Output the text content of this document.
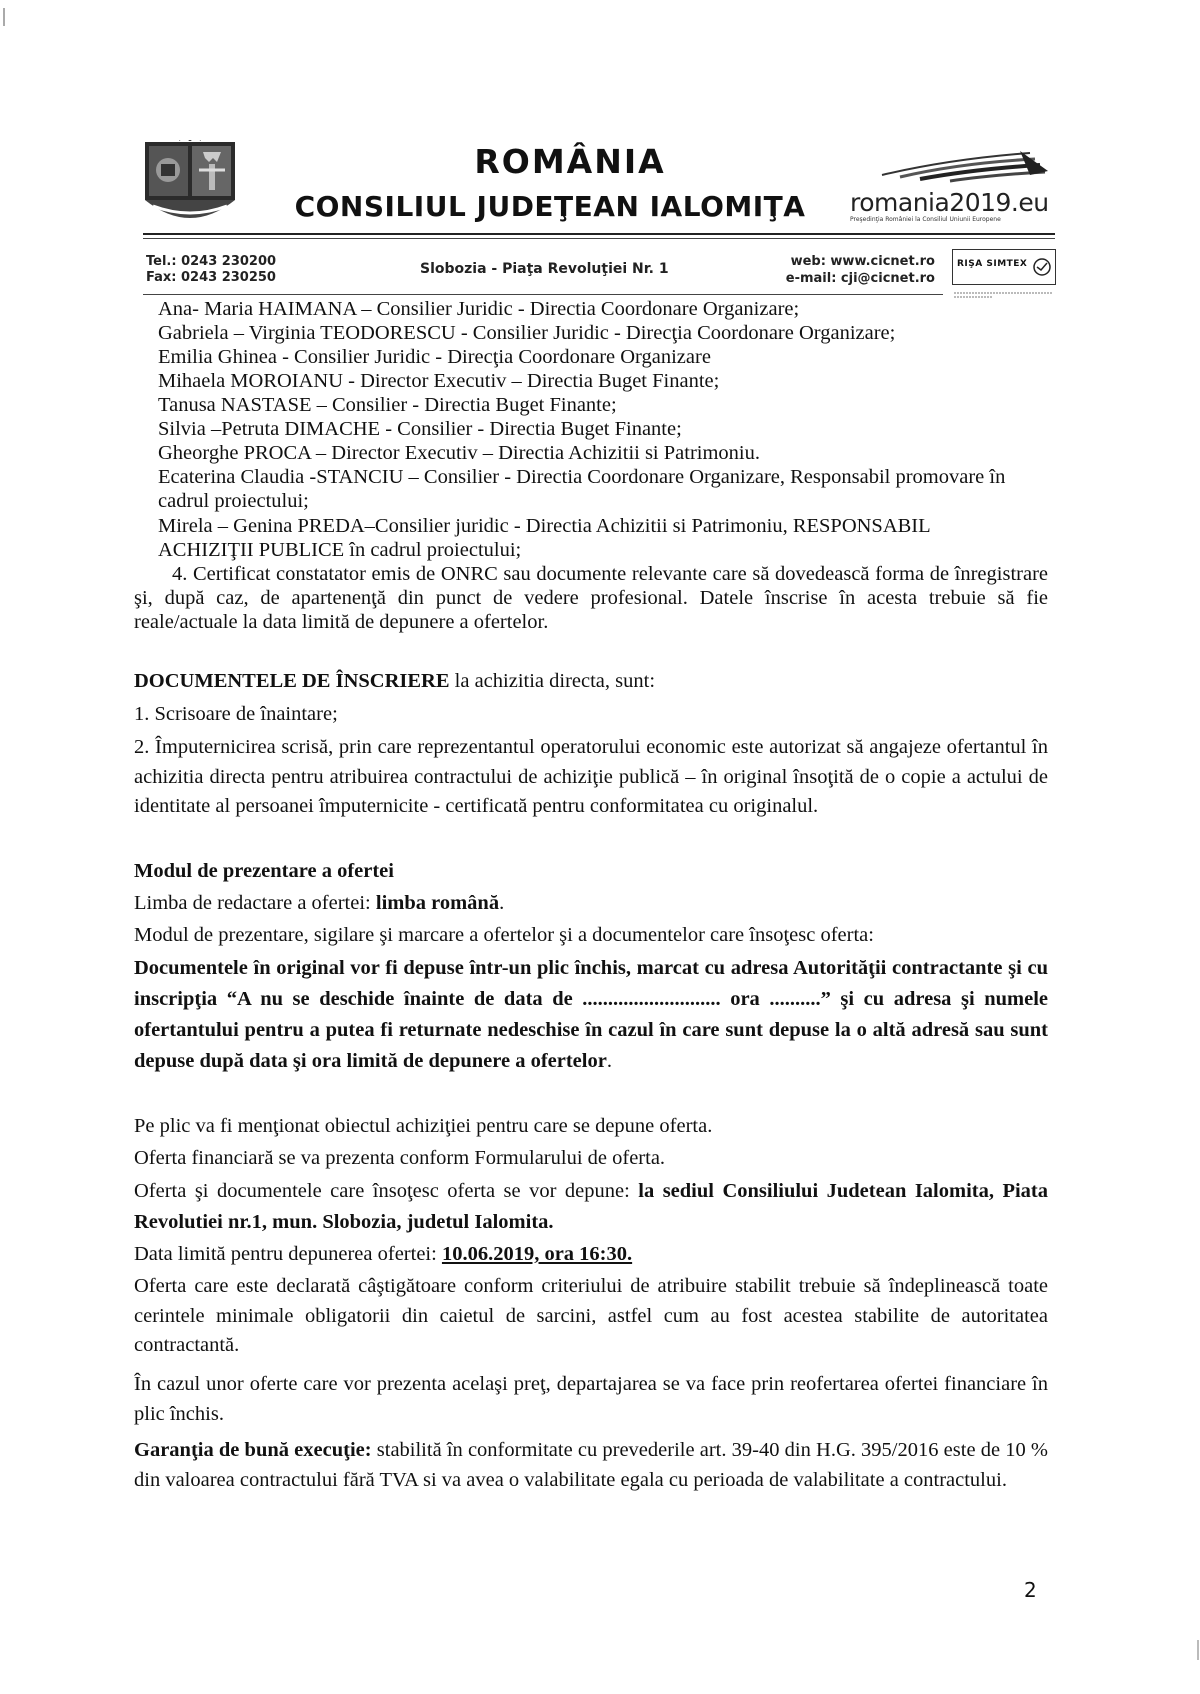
ROMÂNIA
CONSILIUL JUDEŢEAN IALOMIŢA	romania2019.eu
Preşedinţia României la Consiliul Uniunii Europene
Tel.: 0243 230200
Fax: 0243 230250
Slobozia - Piaţa Revoluţiei Nr. 1	web: www.cicnet.ro
e-mail: cji@cicnet.ro
RIŞA SIMTEX
Ana- Maria HAIMANA – Consilier Juridic - Directia Coordonare Organizare;
Gabriela – Virginia TEODORESCU - Consilier Juridic - Direcţia Coordonare Organizare;
Emilia Ghinea - Consilier Juridic - Direcţia Coordonare Organizare
Mihaela MOROIANU - Director Executiv – Directia Buget Finante;
Tanusa NASTASE – Consilier - Directia Buget Finante;
Silvia –Petruta DIMACHE - Consilier - Directia Buget Finante;
Gheorghe PROCA – Director Executiv – Directia Achizitii si Patrimoniu.
Ecaterina Claudia -STANCIU – Consilier - Directia Coordonare Organizare, Responsabil promovare în
cadrul proiectului;
Mirela – Genina PREDA–Consilier juridic - Directia Achizitii si Patrimoniu, RESPONSABIL
ACHIZIŢII PUBLICE în cadrul proiectului;
4. Certificat constatator emis de ONRC sau documente relevante care să dovedească forma de înregistrare şi, după caz, de apartenenţă din punct de vedere profesional. Datele înscrise în acesta trebuie să fie reale/actuale la data limită de depunere a ofertelor.
DOCUMENTELE DE ÎNSCRIERE la achizitia directa, sunt:
1. Scrisoare de înaintare;
2. Împuternicirea scrisă, prin care reprezentantul operatorului economic este autorizat să angajeze ofertantul în achizitia directa pentru atribuirea contractului de achiziţie publică – în original însoţită de o copie a actului de identitate al persoanei împuternicite - certificată pentru conformitatea cu originalul.
Modul de prezentare a ofertei
Limba de redactare a ofertei: limba română.
Modul de prezentare, sigilare şi marcare a ofertelor şi a documentelor care însoţesc oferta:
Documentele în original vor fi depuse într-un plic închis, marcat cu adresa Autorităţii contractante şi cu inscripţia “A nu se deschide înainte de data de ........................... ora ..........” şi cu adresa şi numele ofertantului pentru a putea fi returnate nedeschise în cazul în care sunt depuse la o altă adresă sau sunt depuse după data şi ora limită de depunere a ofertelor.
Pe plic va fi menţionat obiectul achiziţiei pentru care se depune oferta.
Oferta financiară se va prezenta conform Formularului de oferta.
Oferta şi documentele care însoţesc oferta se vor depune: la sediul Consiliului Judetean Ialomita, Piata Revolutiei nr.1, mun. Slobozia, judetul Ialomita.
Data limită pentru depunerea ofertei: 10.06.2019, ora 16:30.
Oferta care este declarată câştigătoare conform criteriului de atribuire stabilit trebuie să îndeplinească toate cerintele minimale obligatorii din caietul de sarcini, astfel cum au fost acestea stabilite de autoritatea contractantă.
În cazul unor oferte care vor prezenta acelaşi preţ, departajarea se va face prin reofertarea ofertei financiare în plic închis.
Garanţia de bună execuţie: stabilită în conformitate cu prevederile art. 39-40 din H.G. 395/2016 este de 10 % din valoarea contractului fără TVA si va avea o valabilitate egala cu perioada de valabilitate a contractului.
2
